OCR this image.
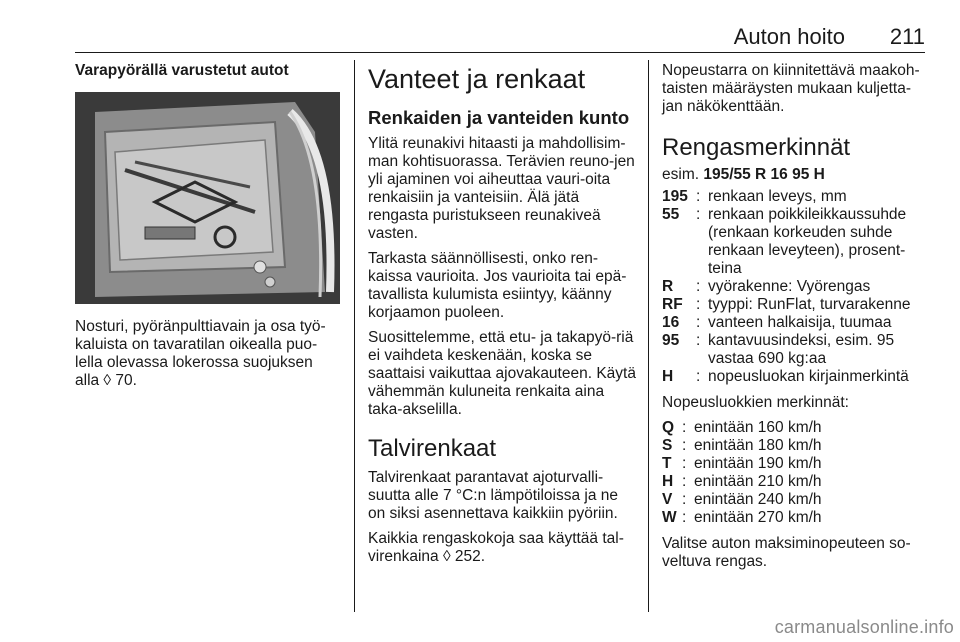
Auton hoito 211
Varapyörällä varustetut autot

Nosturi, pyöränpulttiavain ja osa työ-kaluista on tavaratilan oikealla puo-lella olevassa lokerossa suojuksen alla ◊ 70.

Vanteet ja renkaat
Renkaiden ja vanteiden kunto

Ylitä reunakivi hitaasti ja mahdollisim-man kohtisuorassa. Terävien reuno-jen yli ajaminen voi aiheuttaa vauri-oita renkaisiin ja vanteisiin. Älä jätä rengasta puristukseen reunakiveä vasten.

Tarkasta säännöllisesti, onko ren-kaissa vaurioita. Jos vaurioita tai epä-tavallista kulumista esiintyy, käänny korjaamon puoleen.

Suosittelemme, että etu- ja takapyö-riä ei vaihdeta keskenään, koska se saattaisi vaikuttaa ajovakauteen. Käytä vähemmän kuluneita renkaita aina taka-akselilla.

Talvirenkaat

Talvirenkaat parantavat ajoturvalli-suutta alle 7 °C:n lämpötiloissa ja ne on siksi asennettava kaikkiin pyöriin.

Kaikkia rengaskokoja saa käyttää tal-virenkaina ◊ 252.

Nopeustarra on kiinnitettävä maakoh-taisten määräysten mukaan kuljetta-jan näkökenttään.

Rengasmerkinnät

esim. 195/55 R 16 95 H

195 : renkaan leveys, mm
55	: renkaan poikkileikkaussuhde (renkaan korkeuden suhde renkaan leveyteen), prosent-teina
R	: vyörakenne: Vyörengas
RF : tyyppi: RunFlat, turvarakenne
16	: vanteen halkaisija, tuumaa
95	: kantavuusindeksi, esim. 95 vastaa 690 kg:aa
H	: nopeusluokan kirjainmerkintä

Nopeusluokkien merkinnät:

Q : enintään 160 km/h
S : enintään 180 km/h
T : enintään 190 km/h
H : enintään 210 km/h
V : enintään 240 km/h
W : enintään 270 km/h

Valitse auton maksiminopeuteen so-veltuva rengas.

carmanualsonline.info
